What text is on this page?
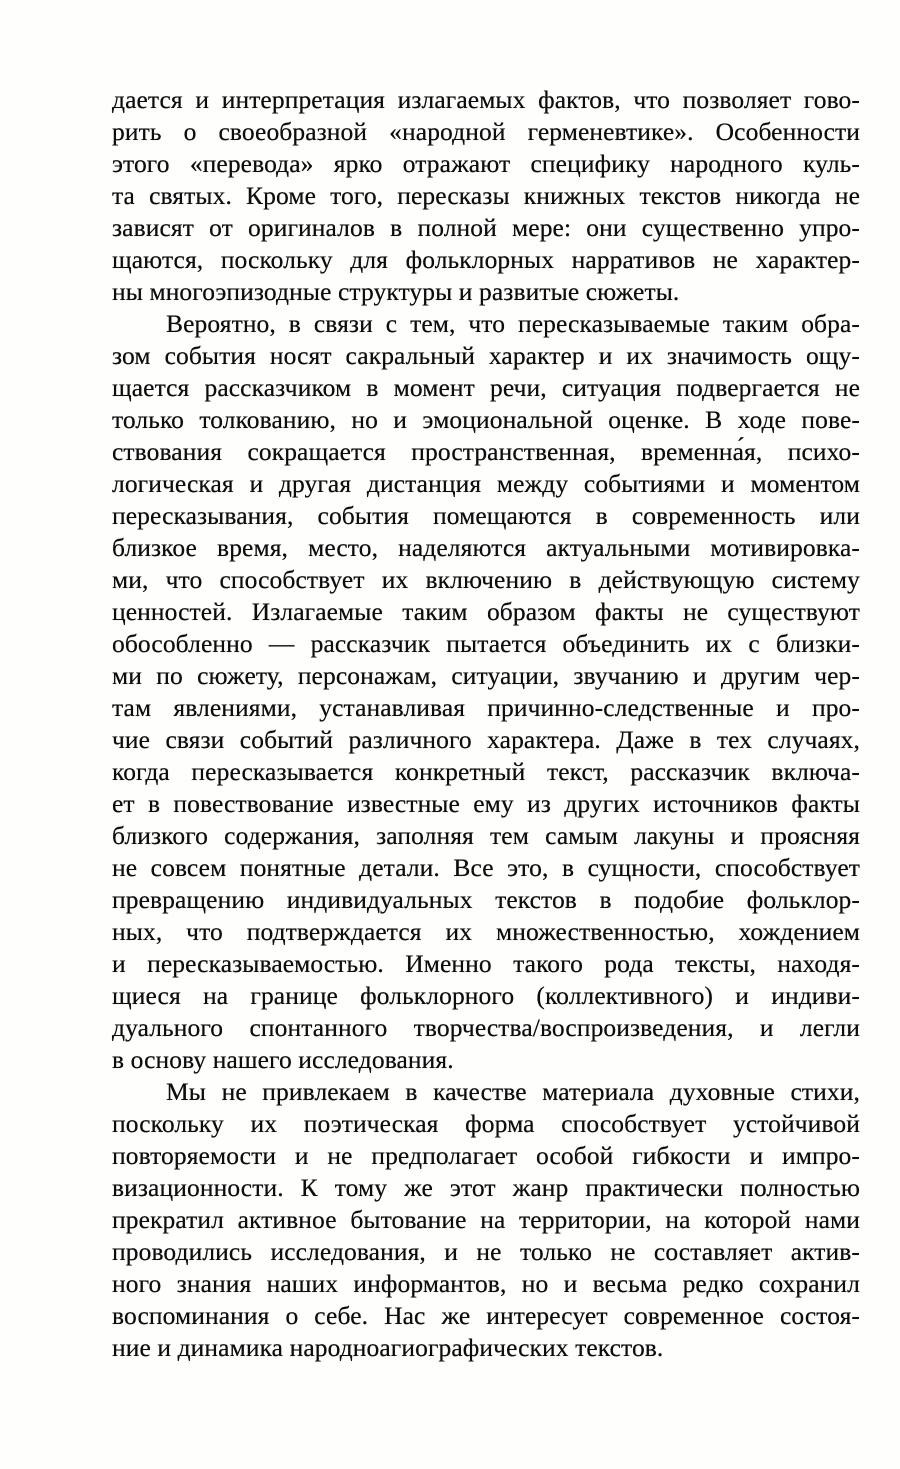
дается и интерпретация излагаемых фактов, что позволяет гово-
рить о своеобразной «народной герменевтике». Особенности
этого «перевода» ярко отражают специфику народного куль-
та святых. Кроме того, пересказы книжных текстов никогда не
зависят от оригиналов в полной мере: они существенно упро-
щаются, поскольку для фольклорных нарративов не характер-
ны многоэпизодные структуры и развитые сюжеты.
Вероятно, в связи с тем, что пересказываемые таким обра-
зом события носят сакральный характер и их значимость ощу-
щается рассказчиком в момент речи, ситуация подвергается не
только толкованию, но и эмоциональной оценке. В ходе пове-
ствования сокращается пространственная, временна́я, психо-
логическая и другая дистанция между событиями и моментом
пересказывания, события помещаются в современность или
близкое время, место, наделяются актуальными мотивировка-
ми, что способствует их включению в действующую систему
ценностей. Излагаемые таким образом факты не существуют
обособленно — рассказчик пытается объединить их с близки-
ми по сюжету, персонажам, ситуации, звучанию и другим чер-
там явлениями, устанавливая причинно-следственные и про-
чие связи событий различного характера. Даже в тех случаях,
когда пересказывается конкретный текст, рассказчик включа-
ет в повествование известные ему из других источников факты
близкого содержания, заполняя тем самым лакуны и проясняя
не совсем понятные детали. Все это, в сущности, способствует
превращению индивидуальных текстов в подобие фольклор-
ных, что подтверждается их множественностью, хождением
и пересказываемостью. Именно такого рода тексты, находя-
щиеся на границе фольклорного (коллективного) и индиви-
дуального спонтанного творчества/воспроизведения, и легли
в основу нашего исследования.
Мы не привлекаем в качестве материала духовные стихи,
поскольку их поэтическая форма способствует устойчивой
повторяемости и не предполагает особой гибкости и импро-
визационности. К тому же этот жанр практически полностью
прекратил активное бытование на территории, на которой нами
проводились исследования, и не только не составляет актив-
ного знания наших информантов, но и весьма редко сохранил
воспоминания о себе. Нас же интересует современное состоя-
ние и динамика народноагиографических текстов.
